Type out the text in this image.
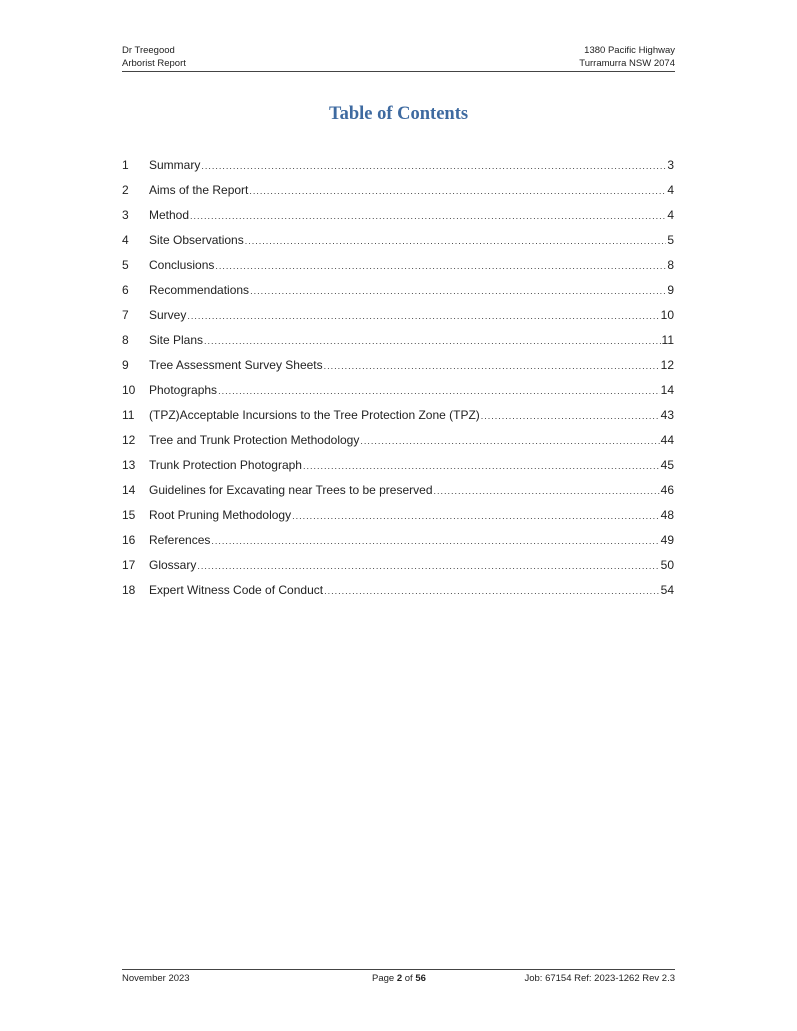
Dr Treegood
Arborist Report
1380 Pacific Highway
Turramurra NSW 2074
Table of Contents
1	Summary .....	3
2	Aims of the Report .....	4
3	Method .....	4
4	Site Observations .....	5
5	Conclusions .....	8
6	Recommendations .....	9
7	Survey .....	10
8	Site Plans .....	11
9	Tree Assessment Survey Sheets .....	12
10	Photographs .....	14
11	(TPZ)Acceptable Incursions to the Tree Protection Zone (TPZ) .....	43
12	Tree and Trunk Protection Methodology .....	44
13	Trunk Protection Photograph .....	45
14	Guidelines for Excavating near Trees to be preserved .....	46
15	Root Pruning Methodology .....	48
16	References .....	49
17	Glossary .....	50
18	Expert Witness Code of Conduct .....	54
November 2023	Page 2 of 56	Job: 67154 Ref: 2023-1262 Rev 2.3
